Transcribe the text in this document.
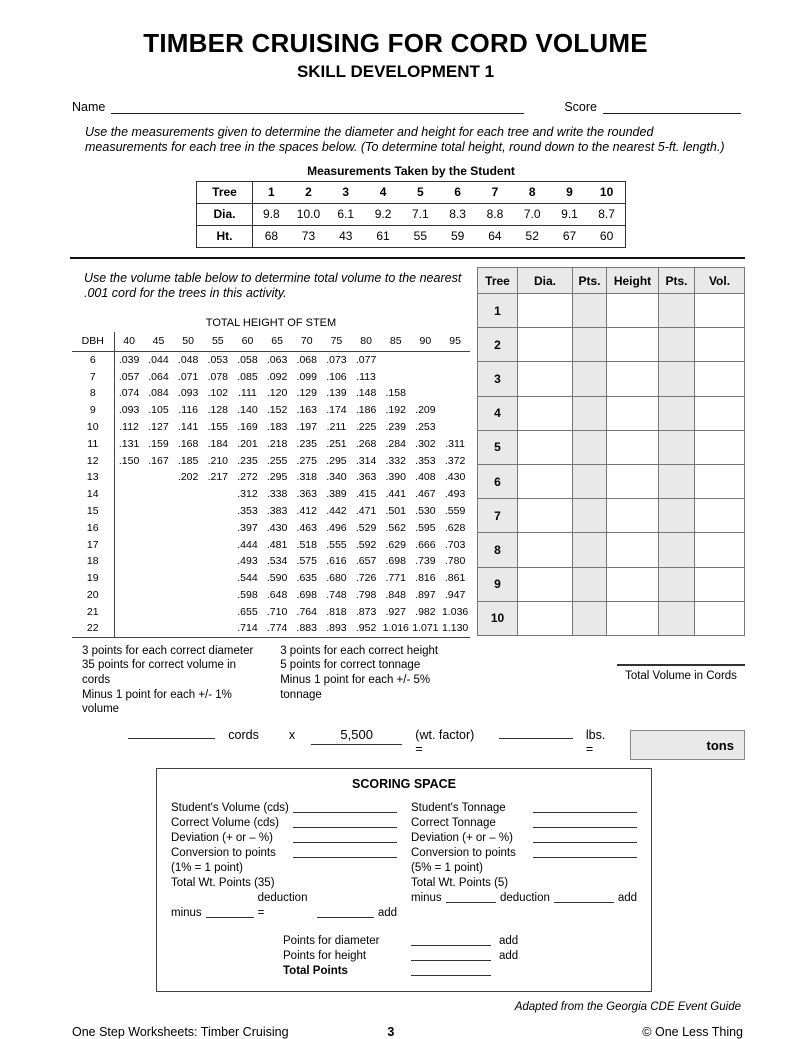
TIMBER CRUISING FOR CORD VOLUME
SKILL DEVELOPMENT 1
Name	Score

Use the measurements given to determine the diameter and height for each tree and write the rounded measurements for each tree in the spaces below. (To determine total height, round down to the nearest 5-ft. length.)

Measurements Taken by the Student
Tree	1	2	3	4	5	6	7	8	9	10
Dia.	9.8	10.0	6.1	9.2	7.1	8.3	8.8	7.0	9.1	8.7
Ht.	68	73	43	61	55	59	64	52	67	60

Use the volume table below to determine total volume to the nearest .001 cord for the trees in this activity.

TOTAL HEIGHT OF STEM
DBH	40	45	50	55	60	65	70	75	80	85	90	95
6	.039	.044	.048	.053	.058	.063	.068	.073	.077			
7	.057	.064	.071	.078	.085	.092	.099	.106	.113			
8	.074	.084	.093	.102	.111	.120	.129	.139	.148	.158		
9	.093	.105	.116	.128	.140	.152	.163	.174	.186	.192	.209	
10	.112	.127	.141	.155	.169	.183	.197	.211	.225	.239	.253	
11	.131	.159	.168	.184	.201	.218	.235	.251	.268	.284	.302	.311
12	.150	.167	.185	.210	.235	.255	.275	.295	.314	.332	.353	.372
13			.202	.217	.272	.295	.318	.340	.363	.390	.408	.430
14					.312	.338	.363	.389	.415	.441	.467	.493
15					.353	.383	.412	.442	.471	.501	.530	.559
16					.397	.430	.463	.496	.529	.562	.595	.628
17					.444	.481	.518	.555	.592	.629	.666	.703
18					.493	.534	.575	.616	.657	.698	.739	.780
19					.544	.590	.635	.680	.726	.771	.816	.861
20					.598	.648	.698	.748	.798	.848	.897	.947
21					.655	.710	.764	.818	.873	.927	.982	1.036
22					.714	.774	.883	.893	.952	1.016	1.071	1.130
3 points for each correct diameter
35 points for correct volume in cords
Minus 1 point for each +/- 1% volume
3 points for each correct height
5 points for correct tonnage
Minus 1 point for each +/- 5% tonnage
Tree	Dia.	Pts.	Height	Pts.	Vol.
1					
2					
3					
4					
5					
6					
7					
8					
9					
10					
Total Volume in Cords
cords x	5,500	(wt. factor) =
lbs. =	tons
SCORING SPACE
Student's Volume (cds)
Correct Volume (cds)
Deviation (+ or – %)
Conversion to points
(1% = 1 point)
Total Wt. Points (35)
minus
deduction =	add
Student's Tonnage
Correct Tonnage
Deviation (+ or – %)
Conversion to points
(5% = 1 point)
Total Wt. Points (5)
minus	deduction	add
Points for diameter	add
Points for height	add
Total Points
Adapted from the Georgia CDE Event Guide
One Step Worksheets: Timber Cruising	3	© One Less Thing
